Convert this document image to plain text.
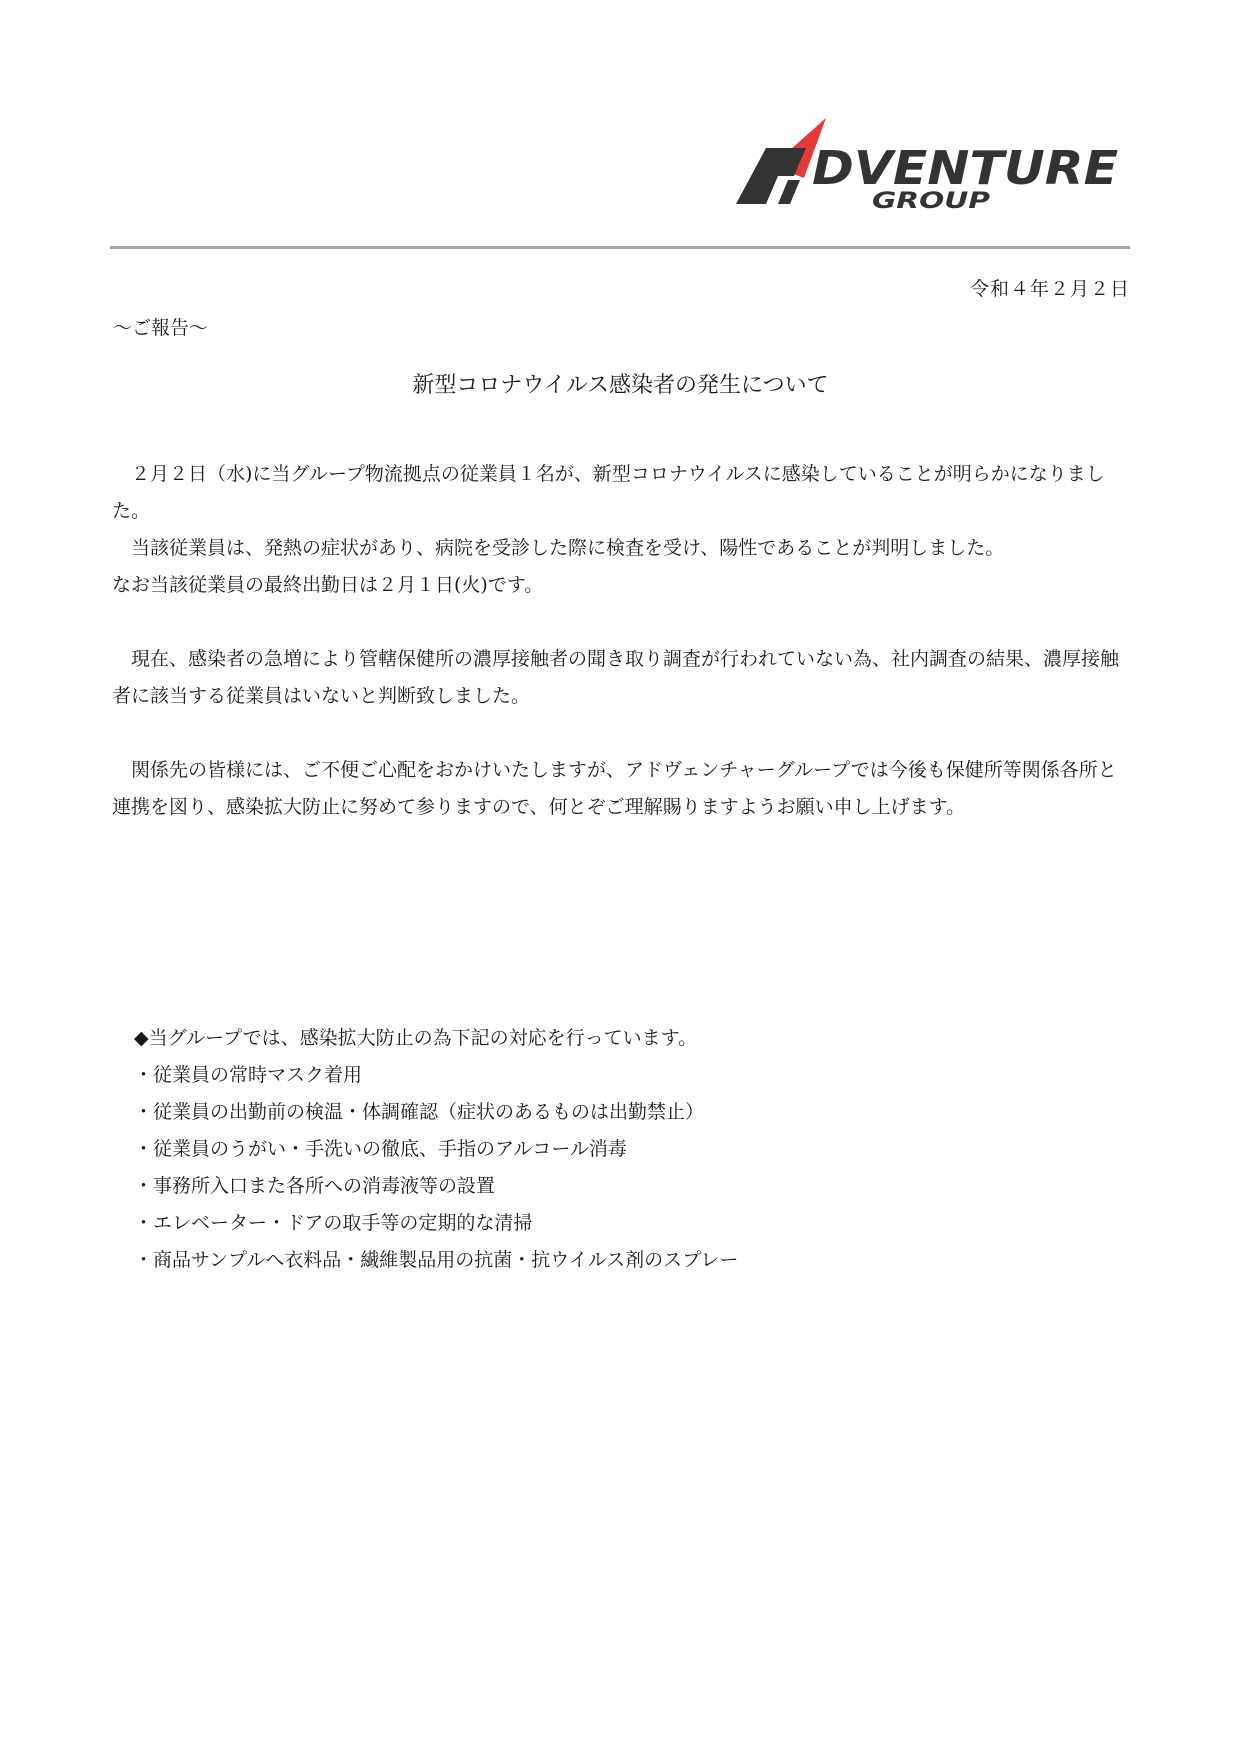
DVENTURE
GROUP
令和４年２月２日
〜ご報告〜
新型コロナウイルス感染者の発生について

　２月２日（水)に当グループ物流拠点の従業員１名が、新型コロナウイルスに感染していることが明らかになりました。

　当該従業員は、発熱の症状があり、病院を受診した際に検査を受け、陽性であることが判明しました。

なお当該従業員の最終出勤日は２月１日(火)です。

　現在、感染者の急増により管轄保健所の濃厚接触者の聞き取り調査が行われていない為、社内調査の結果、濃厚接触者に該当する従業員はいないと判断致しました。

　関係先の皆様には、ご不便ご心配をおかけいたしますが、アドヴェンチャーグループでは今後も保健所等関係各所と連携を図り、感染拡大防止に努めて参りますので、何とぞご理解賜りますようお願い申し上げます。

◆当グループでは、感染拡大防止の為下記の対応を行っています。
・従業員の常時マスク着用
・従業員の出勤前の検温・体調確認（症状のあるものは出勤禁止）
・従業員のうがい・手洗いの徹底、手指のアルコール消毒
・事務所入口また各所への消毒液等の設置
・エレベーター・ドアの取手等の定期的な清掃
・商品サンプルへ衣料品・繊維製品用の抗菌・抗ウイルス剤のスプレー
